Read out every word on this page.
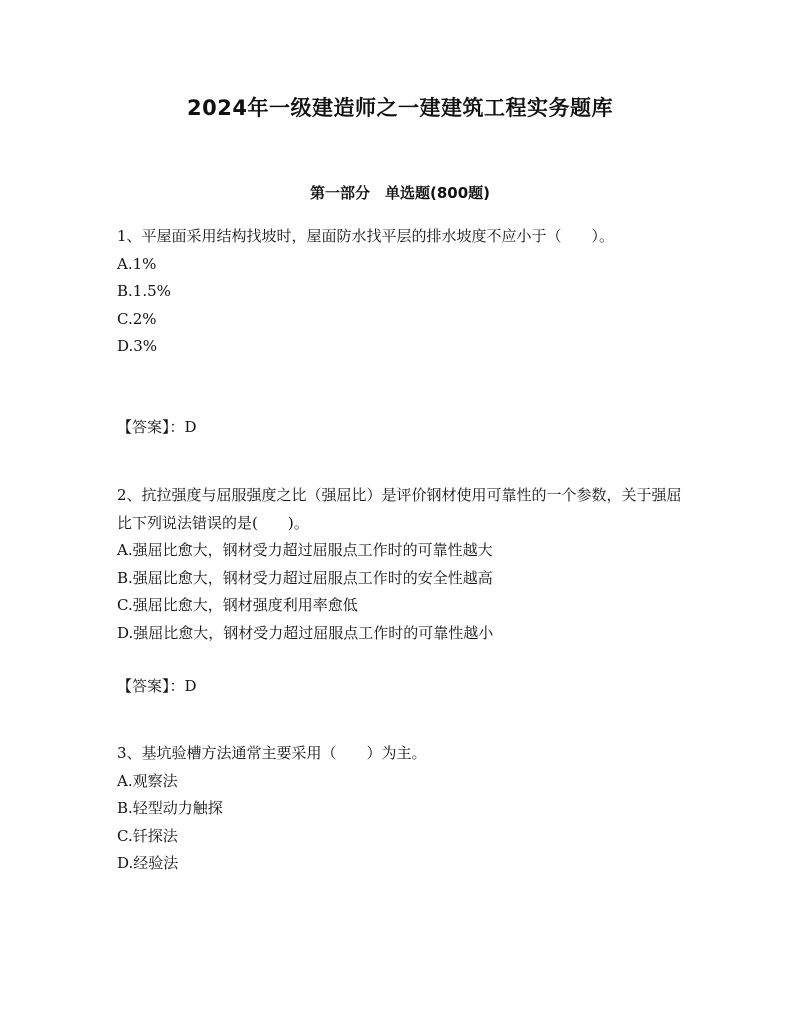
2024年一级建造师之一建建筑工程实务题库
第一部分　单选题(800题)

1、平屋面采用结构找坡时，屋面防水找平层的排水坡度不应小于（　　）。

A.1%
B.1.5%
C.2%
D.3%
【答案】：D

2、抗拉强度与屈服强度之比（强屈比）是评价钢材使用可靠性的一个参数，关于强屈比下列说法错误的是(　　)。

A.强屈比愈大，钢材受力超过屈服点工作时的可靠性越大
B.强屈比愈大，钢材受力超过屈服点工作时的安全性越高
C.强屈比愈大，钢材强度利用率愈低
D.强屈比愈大，钢材受力超过屈服点工作时的可靠性越小
【答案】：D

3、基坑验槽方法通常主要采用（　　）为主。

A.观察法
B.轻型动力触探
C.钎探法
D.经验法
